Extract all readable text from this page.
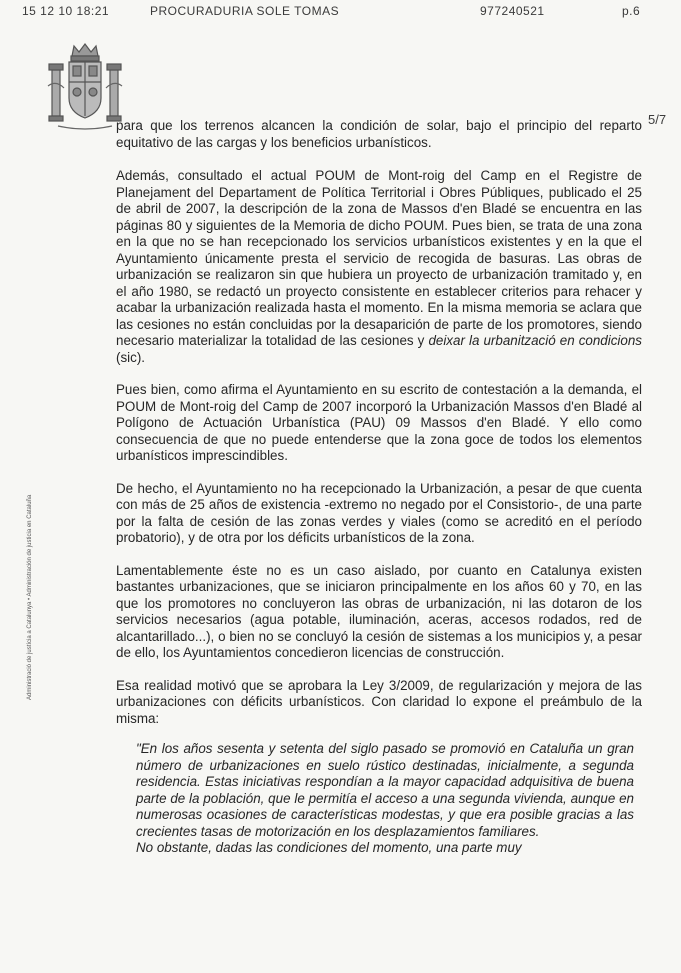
15 12 10 18:21	PROCURADURIA SOLE TOMAS	977240521	p.6
5/7
Administració de justícia a Catalunya • Administración de justicia en Cataluña

para que los terrenos alcancen la condición de solar, bajo el principio del reparto equitativo de las cargas y los beneficios urbanísticos.

Además, consultado el actual POUM de Mont-roig del Camp en el Registre de Planejament del Departament de Política Territorial i Obres Públiques, publicado el 25 de abril de 2007, la descripción de la zona de Massos d'en Bladé se encuentra en las páginas 80 y siguientes de la Memoria de dicho POUM. Pues bien, se trata de una zona en la que no se han recepcionado los servicios urbanísticos existentes y en la que el Ayuntamiento únicamente presta el servicio de recogida de basuras. Las obras de urbanización se realizaron sin que hubiera un proyecto de urbanización tramitado y, en el año 1980, se redactó un proyecto consistente en establecer criterios para rehacer y acabar la urbanización realizada hasta el momento. En la misma memoria se aclara que las cesiones no están concluidas por la desaparición de parte de los promotores, siendo necesario materializar la totalidad de las cesiones y deixar la urbanització en condicions (sic).

Pues bien, como afirma el Ayuntamiento en su escrito de contestación a la demanda, el POUM de Mont-roig del Camp de 2007 incorporó la Urbanización Massos d'en Bladé al Polígono de Actuación Urbanística (PAU) 09 Massos d'en Bladé. Y ello como consecuencia de que no puede entenderse que la zona goce de todos los elementos urbanísticos imprescindibles.

De hecho, el Ayuntamiento no ha recepcionado la Urbanización, a pesar de que cuenta con más de 25 años de existencia -extremo no negado por el Consistorio-, de una parte por la falta de cesión de las zonas verdes y viales (como se acreditó en el período probatorio), y de otra por los déficits urbanísticos de la zona.

Lamentablemente éste no es un caso aislado, por cuanto en Catalunya existen bastantes urbanizaciones, que se iniciaron principalmente en los años 60 y 70, en las que los promotores no concluyeron las obras de urbanización, ni las dotaron de los servicios necesarios (agua potable, iluminación, aceras, accesos rodados, red de alcantarillado...), o bien no se concluyó la cesión de sistemas a los municipios y, a pesar de ello, los Ayuntamientos concedieron licencias de construcción.

Esa realidad motivó que se aprobara la Ley 3/2009, de regularización y mejora de las urbanizaciones con déficits urbanísticos. Con claridad lo expone el preámbulo de la misma:

"En los años sesenta y setenta del siglo pasado se promovió en Cataluña un gran número de urbanizaciones en suelo rústico destinadas, inicialmente, a segunda residencia. Estas iniciativas respondían a la mayor capacidad adquisitiva de buena parte de la población, que le permitía el acceso a una segunda vivienda, aunque en numerosas ocasiones de características modestas, y que era posible gracias a las crecientes tasas de motorización en los desplazamientos familiares.
No obstante, dadas las condiciones del momento, una parte muy
